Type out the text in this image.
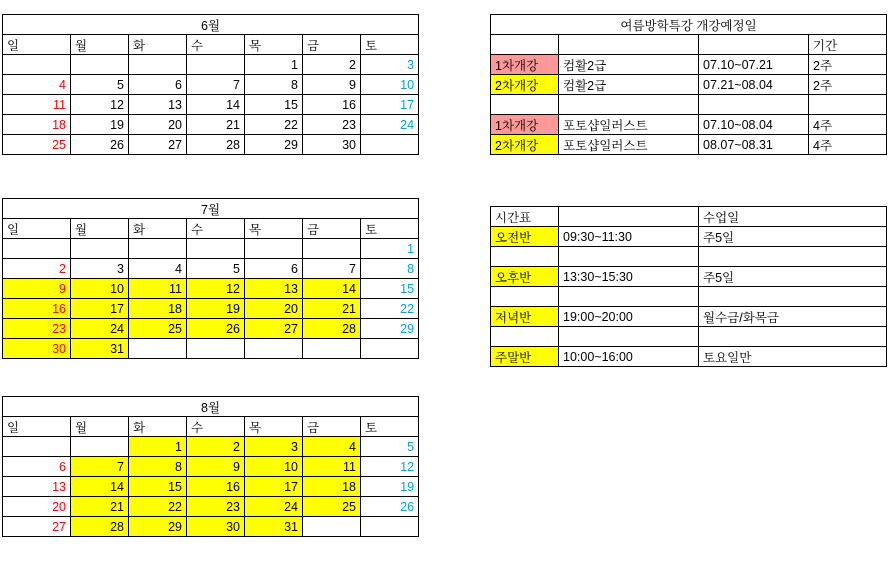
6월						
일	월	화	수	목	금	토
				1	2	3
4	5	6	7	8	9	10
11	12	13	14	15	16	17
18	19	20	21	22	23	24
25	26	27	28	29	30	
7월						
일	월	화	수	목	금	토
						1
2	3	4	5	6	7	8
9	10	11	12	13	14	15
16	17	18	19	20	21	22
23	24	25	26	27	28	29
30	31					
8월						
일	월	화	수	목	금	토
		1	2	3	4	5
6	7	8	9	10	11	12
13	14	15	16	17	18	19
20	21	22	23	24	25	26
27	28	29	30	31		
여름방학특강 개강예정일			
			기간
1차개강	컴활2급	07.10~07.21	2주
2차개강	컴활2급	07.21~08.04	2주

1차개강	포토샵일러스트	07.10~08.04	4주
2차개강	포토샵일러스트	08.07~08.31	4주
시간표		수업일
오전반	09:30~11:30	주5일

오후반	13:30~15:30	주5일

저녁반	19:00~20:00	월수금/화목금

주말반	10:00~16:00	토요일만
